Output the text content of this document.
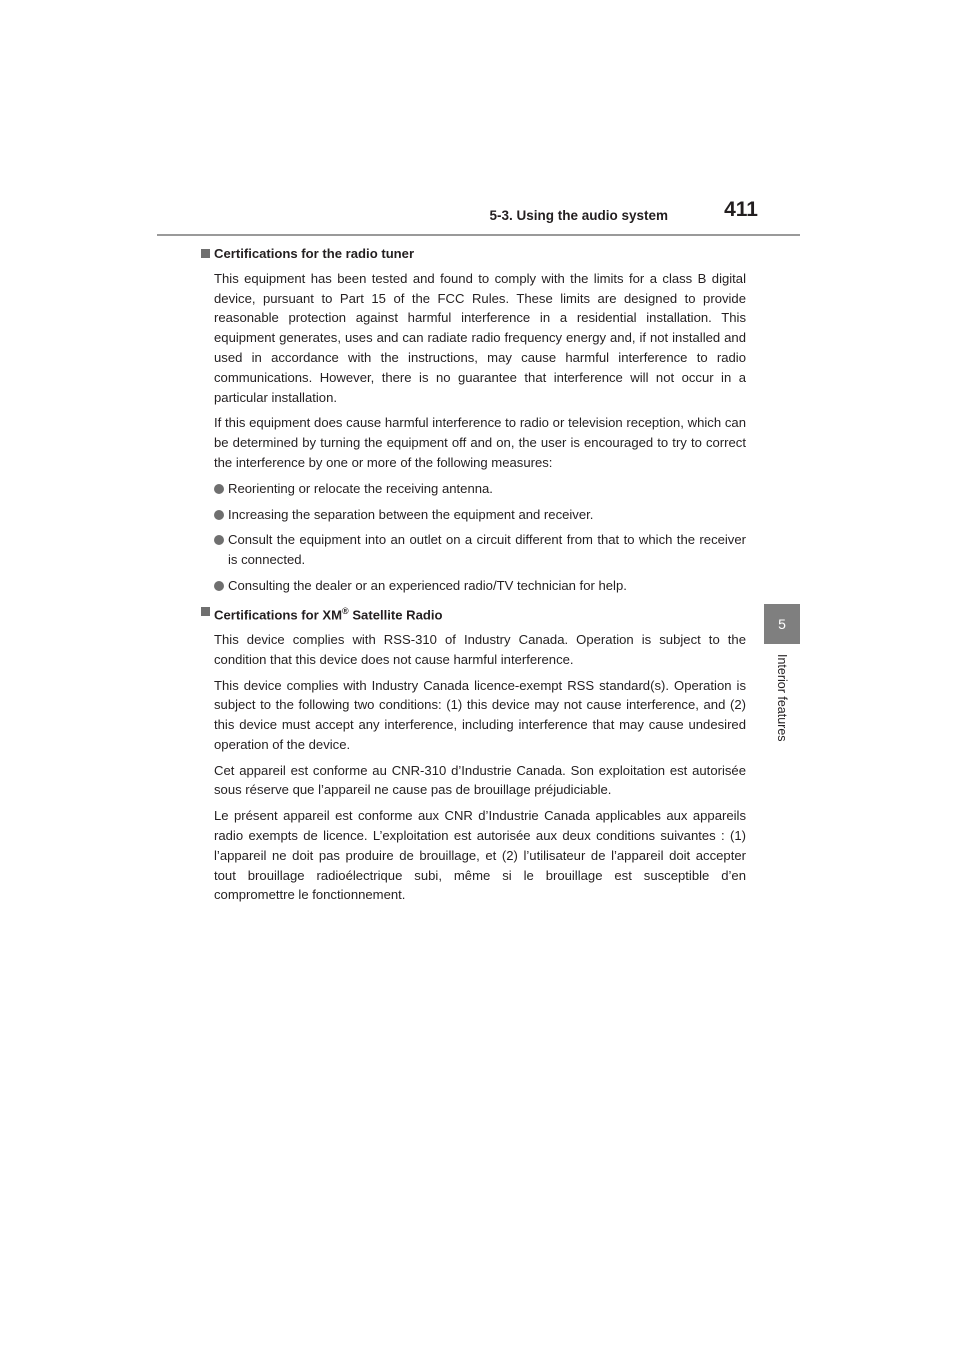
5-3. Using the audio system	411
5
Interior features
Certifications for the radio tuner

This equipment has been tested and found to comply with the limits for a class B digital device, pursuant to Part 15 of the FCC Rules. These limits are designed to provide reasonable protection against harmful interference in a residential installation. This equipment generates, uses and can radiate radio frequency energy and, if not installed and used in accordance with the instructions, may cause harmful interference to radio communications. However, there is no guarantee that interference will not occur in a particular installation.

If this equipment does cause harmful interference to radio or television reception, which can be determined by turning the equipment off and on, the user is encouraged to try to correct the interference by one or more of the following measures:

Reorienting or relocate the receiving antenna.
Increasing the separation between the equipment and receiver.
Consult the equipment into an outlet on a circuit different from that to which the receiver is connected.
Consulting the dealer or an experienced radio/TV technician for help.
Certifications for XM® Satellite Radio

This device complies with RSS-310 of Industry Canada. Operation is subject to the condition that this device does not cause harmful interference.

This device complies with Industry Canada licence-exempt RSS standard(s). Operation is subject to the following two conditions: (1) this device may not cause interference, and (2) this device must accept any interference, including interference that may cause undesired operation of the device.

Cet appareil est conforme au CNR-310 d’Industrie Canada. Son exploitation est autorisée sous réserve que l’appareil ne cause pas de brouillage préjudiciable.

Le présent appareil est conforme aux CNR d’Industrie Canada applicables aux appareils radio exempts de licence. L’exploitation est autorisée aux deux conditions suivantes : (1) l’appareil ne doit pas produire de brouillage, et (2) l’utilisateur de l’appareil doit accepter tout brouillage radioélectrique subi, même si le brouillage est susceptible d’en compromettre le fonctionnement.
